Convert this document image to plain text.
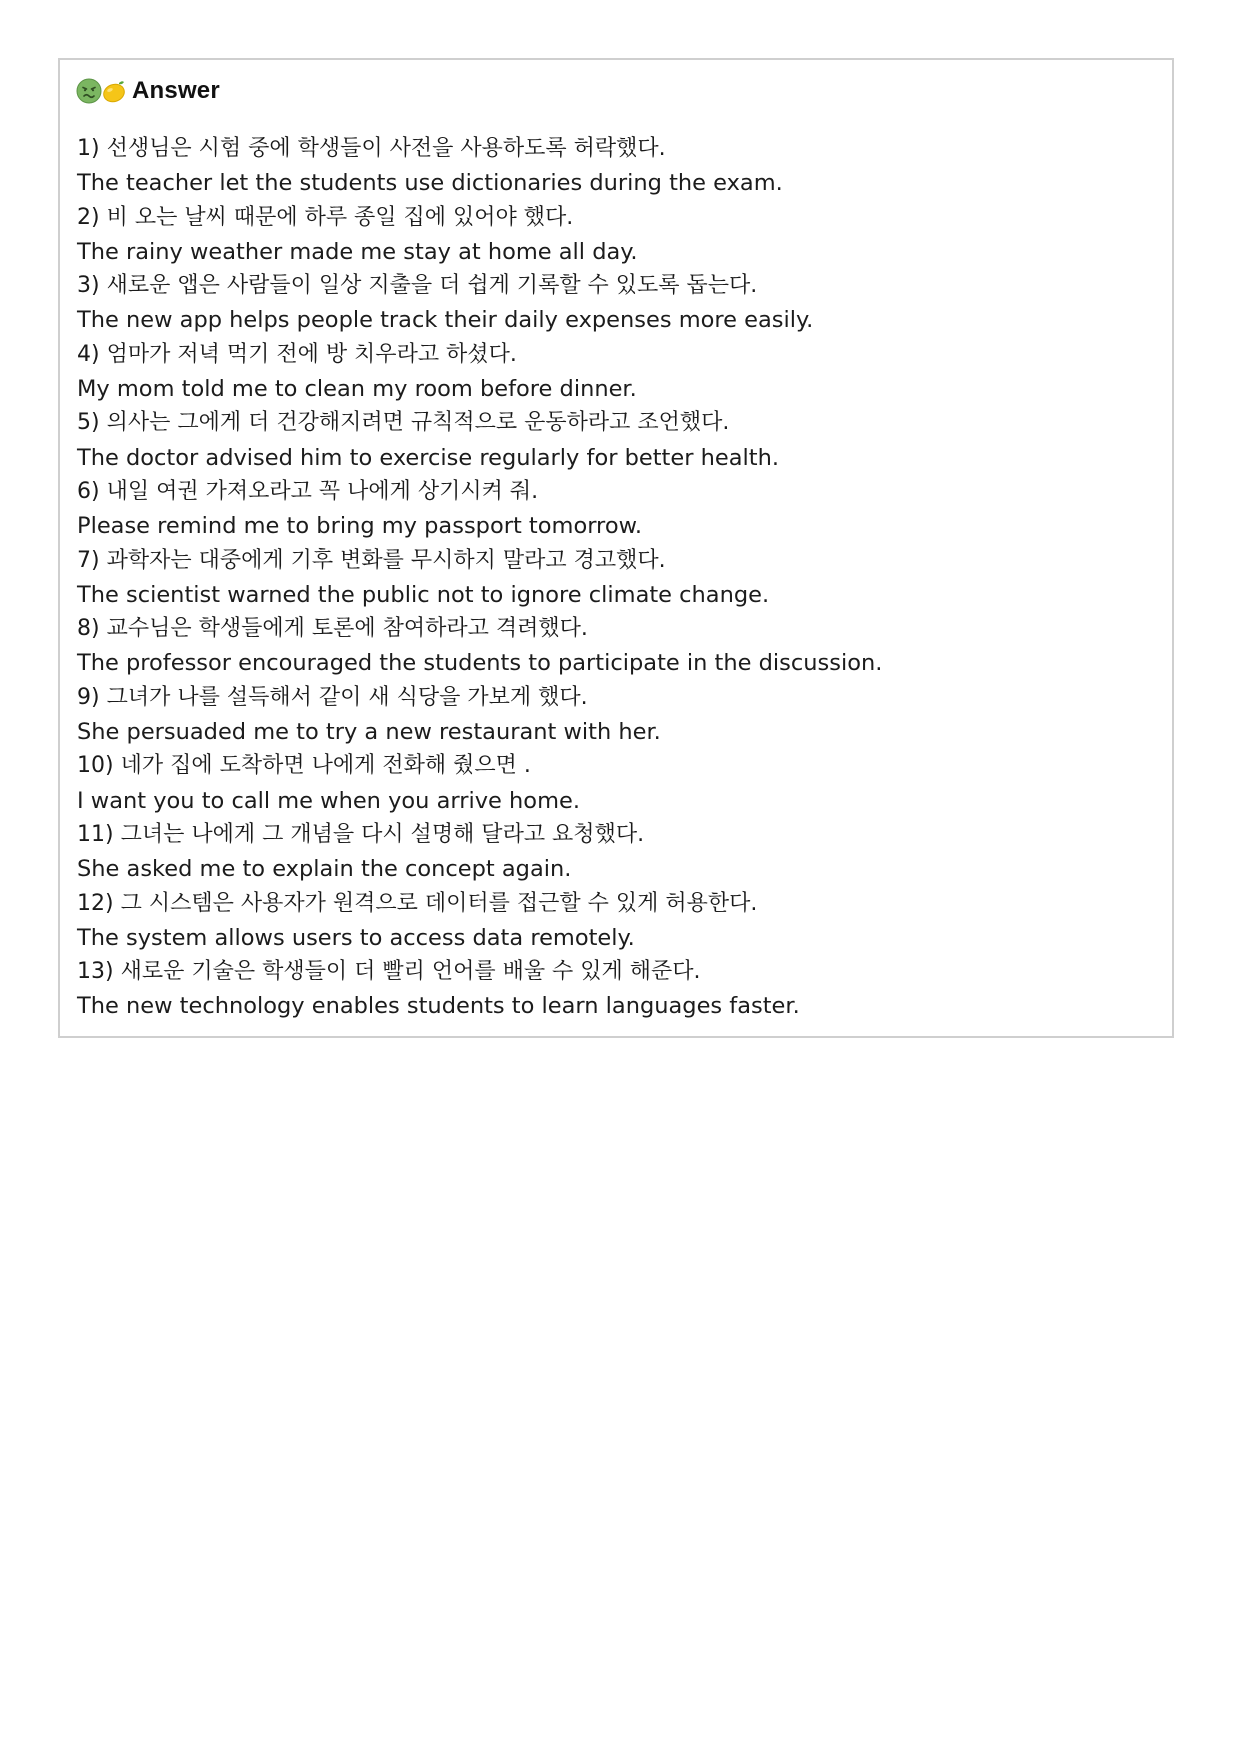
Answer
1) 선생님은 시험 중에 학생들이 사전을 사용하도록 허락했다.
The teacher let the students use dictionaries during the exam.
2) 비 오는 날씨 때문에 하루 종일 집에 있어야 했다.
The rainy weather made me stay at home all day.
3) 새로운 앱은 사람들이 일상 지출을 더 쉽게 기록할 수 있도록 돕는다.
The new app helps people track their daily expenses more easily.
4) 엄마가 저녁 먹기 전에 방 치우라고 하셨다.
My mom told me to clean my room before dinner.
5) 의사는 그에게 더 건강해지려면 규칙적으로 운동하라고 조언했다.
The doctor advised him to exercise regularly for better health.
6) 내일 여권 가져오라고 꼭 나에게 상기시켜 줘.
Please remind me to bring my passport tomorrow.
7) 과학자는 대중에게 기후 변화를 무시하지 말라고 경고했다.
The scientist warned the public not to ignore climate change.
8) 교수님은 학생들에게 토론에 참여하라고 격려했다.
The professor encouraged the students to participate in the discussion.
9) 그녀가 나를 설득해서 같이 새 식당을 가보게 했다.
She persuaded me to try a new restaurant with her.
10) 네가 집에 도착하면 나에게 전화해 줬으면 .
I want you to call me when you arrive home.
11) 그녀는 나에게 그 개념을 다시 설명해 달라고 요청했다.
She asked me to explain the concept again.
12) 그 시스템은 사용자가 원격으로 데이터를 접근할 수 있게 허용한다.
The system allows users to access data remotely.
13) 새로운 기술은 학생들이 더 빨리 언어를 배울 수 있게 해준다.
The new technology enables students to learn languages faster.
